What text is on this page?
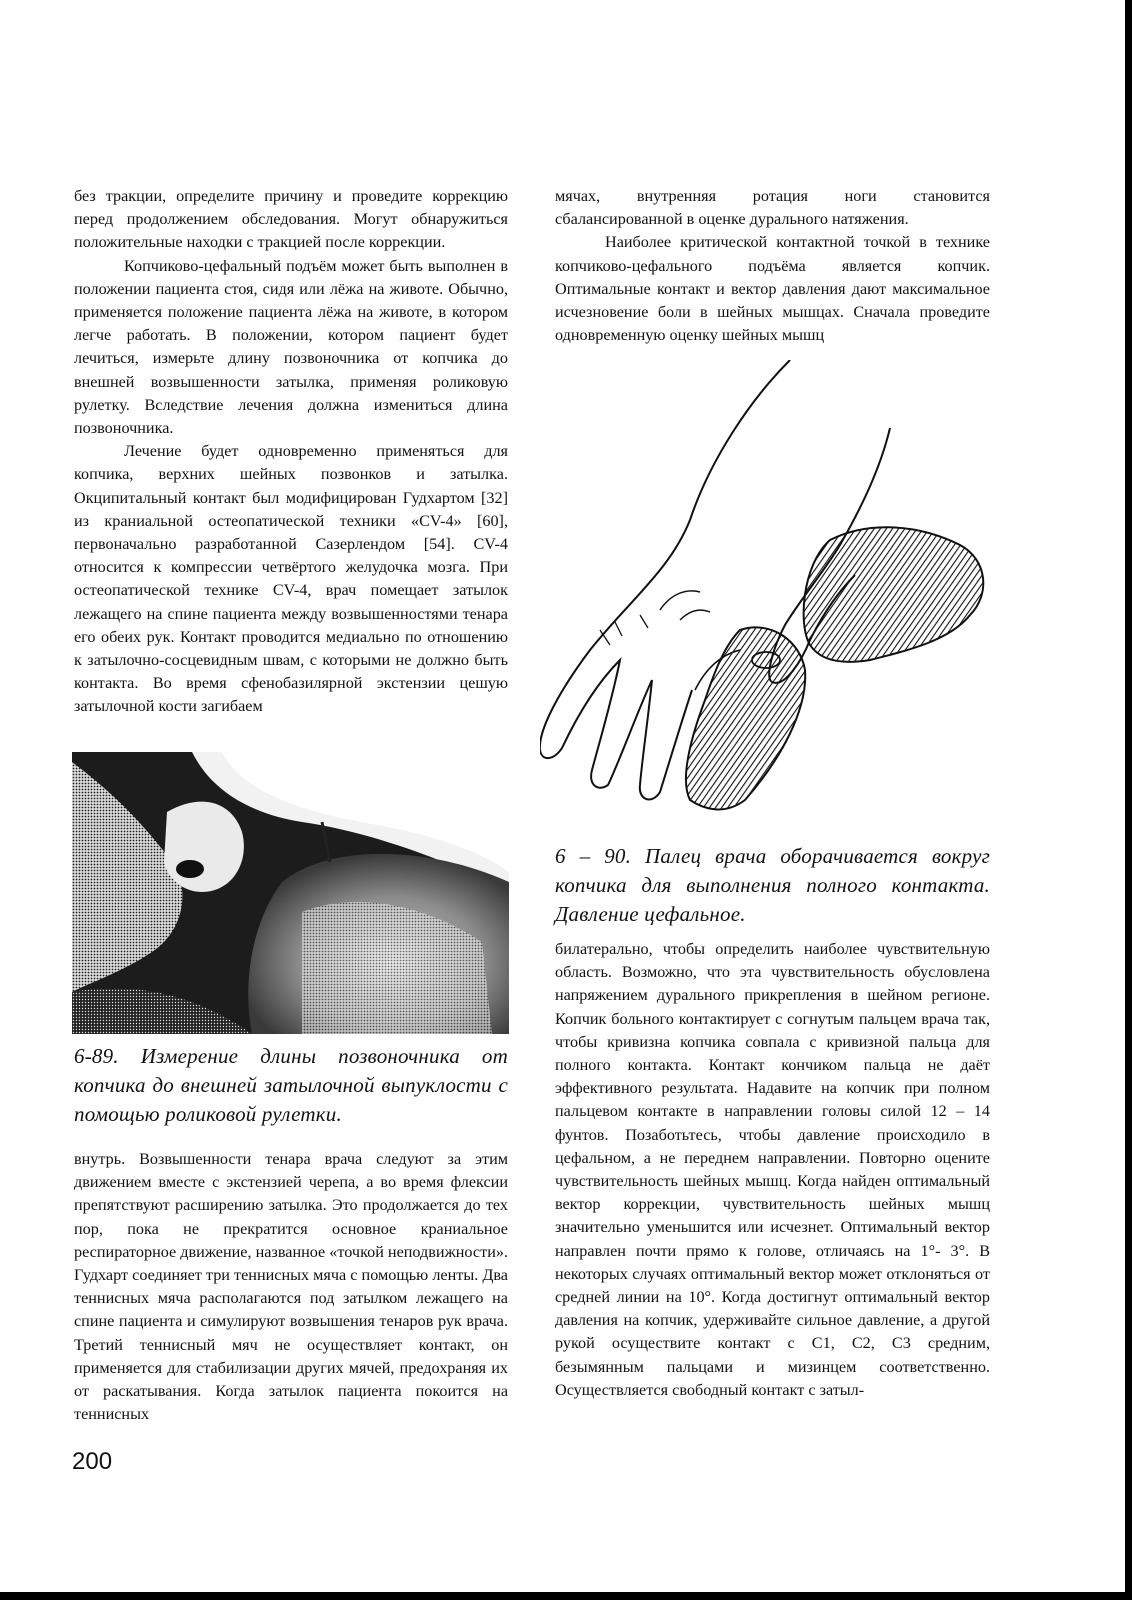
без тракции, определите причину и проведите коррекцию перед продолжением обследования. Могут обнаружиться положительные находки с тракцией после коррекции.

Копчиково-цефальный подъём может быть выполнен в положении пациента стоя, сидя или лёжа на животе. Обычно, применяется положение пациента лёжа на животе, в котором легче работать. В положении, котором пациент будет лечиться, измерьте длину позвоночника от копчика до внешней возвышенности затылка, применяя роликовую рулетку. Вследствие лечения должна измениться длина позвоночника.

Лечение будет одновременно применяться для копчика, верхних шейных позвонков и затылка. Окципитальный контакт был модифицирован Гудхартом [32] из краниальной остеопатической техники «CV-4» [60], первоначально разработанной Сазерлендом [54]. CV-4 относится к компрессии четвёртого желудочка мозга. При остеопатической технике CV-4, врач помещает затылок лежащего на спине пациента между возвышенностями тенара его обеих рук. Контакт проводится медиально по отношению к затылочно-сосцевидным швам, с которыми не должно быть контакта. Во время сфенобазилярной экстензии цешую затылочной кости загибаем

6-89. Измерение длины позвоночника от копчика до внешней затылочной выпуклости с помощью роликовой рулетки.

внутрь. Возвышенности тенара врача следуют за этим движением вместе с экстензией черепа, а во время флексии препятствуют расширению затылка. Это продолжается до тех пор, пока не прекратится основное краниальное респираторное движение, названное «точкой неподвижности». Гудхарт соединяет три теннисных мяча с помощью ленты. Два теннисных мяча располагаются под затылком лежащего на спине пациента и симулируют возвышения тенаров рук врача. Третий теннисный мяч не осуществляет контакт, он применяется для стабилизации других мячей, предохраняя их от раскатывания. Когда затылок пациента покоится на теннисных

мячах, внутренняя ротация ноги становится сбалансированной в оценке дурального натяжения.

Наиболее критической контактной точкой в технике копчиково-цефального подъёма является копчик. Оптимальные контакт и вектор давления дают максимальное исчезновение боли в шейных мышцах. Сначала проведите одновременную оценку шейных мышц

6 – 90. Палец врача оборачивается вокруг копчика для выполнения полного контакта. Давление цефальное.

билатерально, чтобы определить наиболее чувствительную область. Возможно, что эта чувствительность обусловлена напряжением дурального прикрепления в шейном регионе. Копчик больного контактирует с согнутым пальцем врача так, чтобы кривизна копчика совпала с кривизной пальца для полного контакта. Контакт кончиком пальца не даёт эффективного результата. Надавите на копчик при полном пальцевом контакте в направлении головы силой 12 – 14 фунтов. Позаботьтесь, чтобы давление происходило в цефальном, а не переднем направлении. Повторно оцените чувствительность шейных мышц. Когда найден оптимальный вектор коррекции, чувствительность шейных мышц значительно уменьшится или исчезнет. Оптимальный вектор направлен почти прямо к голове, отличаясь на 1°- 3°. В некоторых случаях оптимальный вектор может отклоняться от средней линии на 10°. Когда достигнут оптимальный вектор давления на копчик, удерживайте сильное давление, а другой рукой осуществите контакт с С1, С2, С3 средним, безымянным пальцами и мизинцем соответственно. Осуществляется свободный контакт с затыл-

200
